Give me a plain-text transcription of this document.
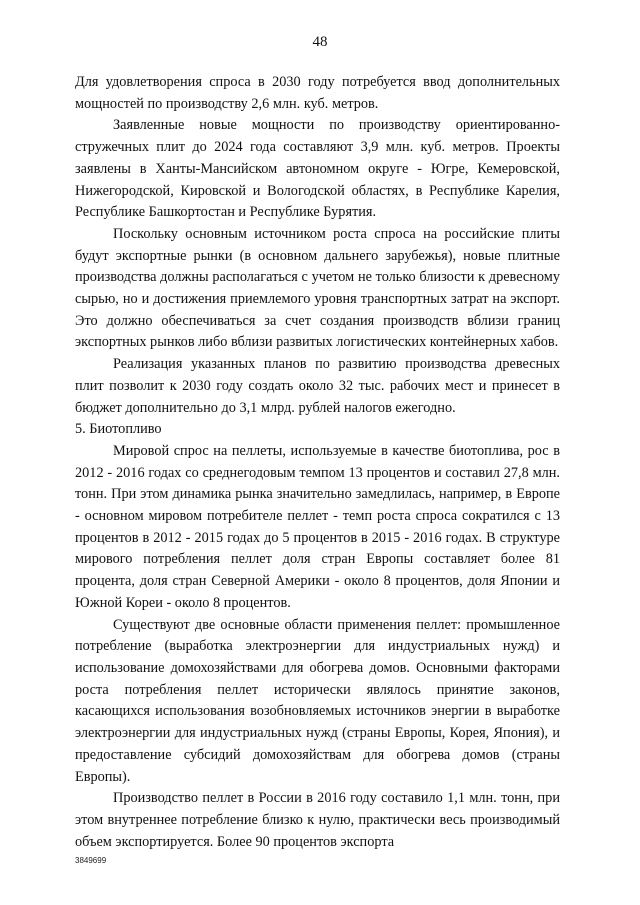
48

Для удовлетворения спроса в 2030 году потребуется ввод дополнительных мощностей по производству 2,6 млн. куб. метров.

Заявленные новые мощности по производству ориентированно-стружечных плит до 2024 года составляют 3,9 млн. куб. метров. Проекты заявлены в Ханты-Мансийском автономном округе - Югре, Кемеровской, Нижегородской, Кировской и Вологодской областях, в Республике Карелия, Республике Башкортостан и Республике Бурятия.

Поскольку основным источником роста спроса на российские плиты будут экспортные рынки (в основном дальнего зарубежья), новые плитные производства должны располагаться с учетом не только близости к древесному сырью, но и достижения приемлемого уровня транспортных затрат на экспорт. Это должно обеспечиваться за счет создания производств вблизи границ экспортных рынков либо вблизи развитых логистических контейнерных хабов.

Реализация указанных планов по развитию производства древесных плит позволит к 2030 году создать около 32 тыс. рабочих мест и принесет в бюджет дополнительно до 3,1 млрд. рублей налогов ежегодно.

5. Биотопливо

Мировой спрос на пеллеты, используемые в качестве биотоплива, рос в 2012 - 2016 годах со среднегодовым темпом 13 процентов и составил 27,8 млн. тонн. При этом динамика рынка значительно замедлилась, например, в Европе - основном мировом потребителе пеллет - темп роста спроса сократился с 13 процентов в 2012 - 2015 годах до 5 процентов в 2015 - 2016 годах. В структуре мирового потребления пеллет доля стран Европы составляет более 81 процента, доля стран Северной Америки - около 8 процентов, доля Японии и Южной Кореи - около 8 процентов.

Существуют две основные области применения пеллет: промышленное потребление (выработка электроэнергии для индустриальных нужд) и использование домохозяйствами для обогрева домов. Основными факторами роста потребления пеллет исторически являлось принятие законов, касающихся использования возобновляемых источников энергии в выработке электроэнергии для индустриальных нужд (страны Европы, Корея, Япония), и предоставление субсидий домохозяйствам для обогрева домов (страны Европы).

Производство пеллет в России в 2016 году составило 1,1 млн. тонн, при этом внутреннее потребление близко к нулю, практически весь производимый объем экспортируется. Более 90 процентов экспорта

3849699
